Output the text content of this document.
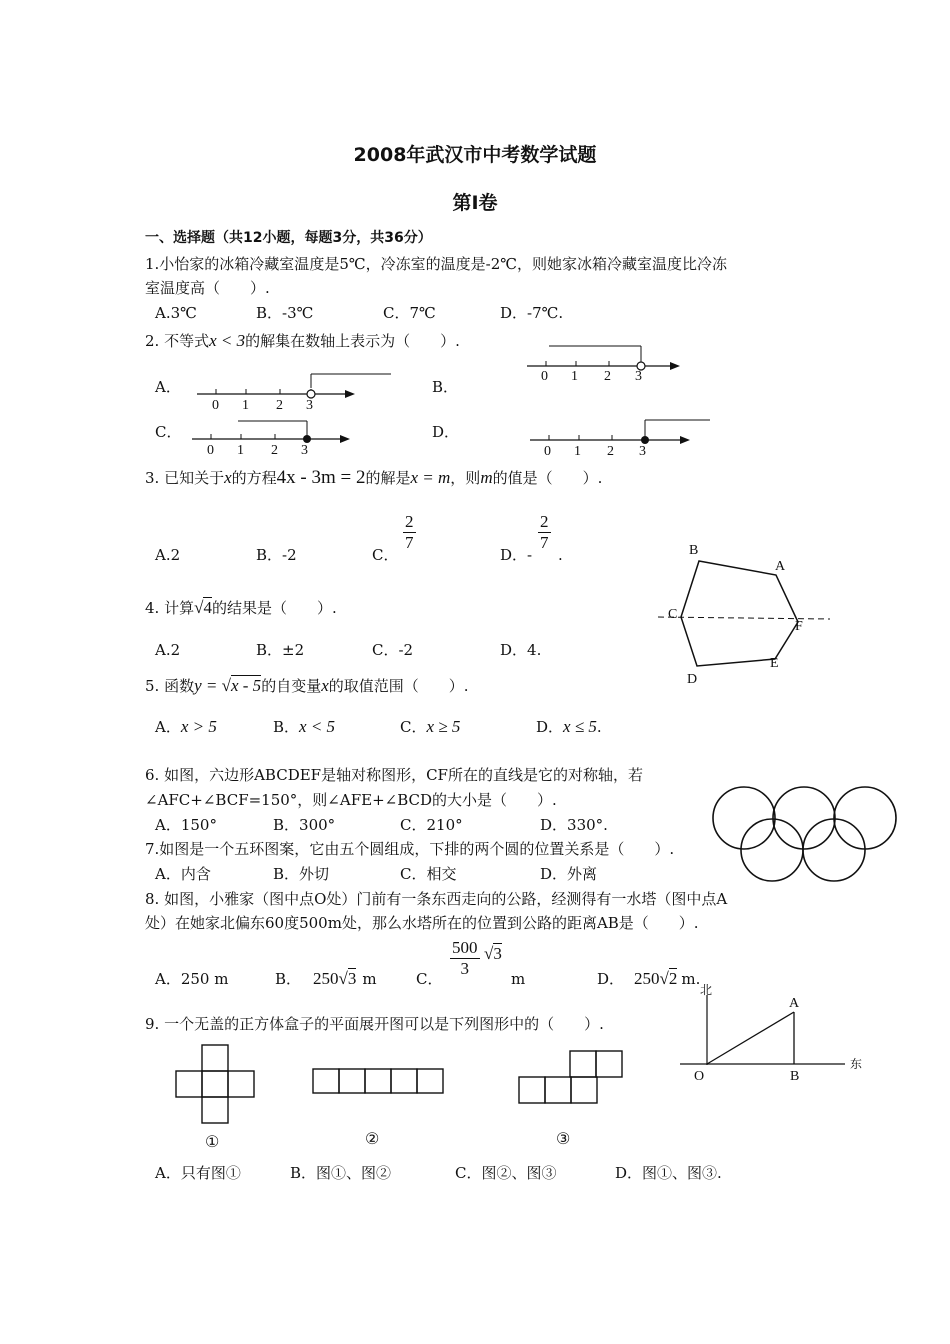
2008年武汉市中考数学试题
第Ⅰ卷
一、选择题（共12小题，每题3分，共36分）
1.小怡家的冰箱冷藏室温度是5℃，冷冻室的温度是-2℃，则她家冰箱冷藏室温度比冷冻
室温度高（　　）.
A.3℃	B．-3℃	C．7℃	D．-7℃.
2. 不等式x < 3的解集在数轴上表示为（　　）.
A．	B．
C．	D．
0 1 2 3
0 1 2 3
0 1 2 3	0 1 2 3
3. 已知关于x的方程4x - 3m = 2的解是x = m，则m的值是（　　）.
A.2	B．-2	C．
$\frac{2}{7}$
D．-
$\frac{2}{7}$
.	B
A
C
F
D
E
4. 计算√4的结果是（　　）.
A.2	B．±2	C．-2	D．4.
5. 函数y = √x - 5的自变量x的取值范围（　　）.
A．x > 5	B．x < 5	C．x ≥ 5	D．x ≤ 5.
6. 如图，六边形ABCDEF是轴对称图形，CF所在的直线是它的对称轴，若
∠AFC+∠BCF=150°，则∠AFE+∠BCD的大小是（　　）.
A．150°	B．300°	C．210°	D．330°.
7.如图是一个五环图案，它由五个圆组成，下排的两个圆的位置关系是（　　）.
A．内含	B．外切	C．相交	D．外离
8. 如图，小雅家（图中点O处）门前有一条东西走向的公路，经测得有一水塔（图中点A
处）在她家北偏东60度500m处，那么水塔所在的位置到公路的距离AB是（　　）.
A．250 m	B． 250√3 m	C． $\frac{500}{3} √3$
m	D． 250√2 m.
北
东
O
A
B
9. 一个无盖的正方体盒子的平面展开图可以是下列图形中的（　　）.
①	②	③
A．只有图①	B．图①、图②	C．图②、图③	D．图①、图③.
